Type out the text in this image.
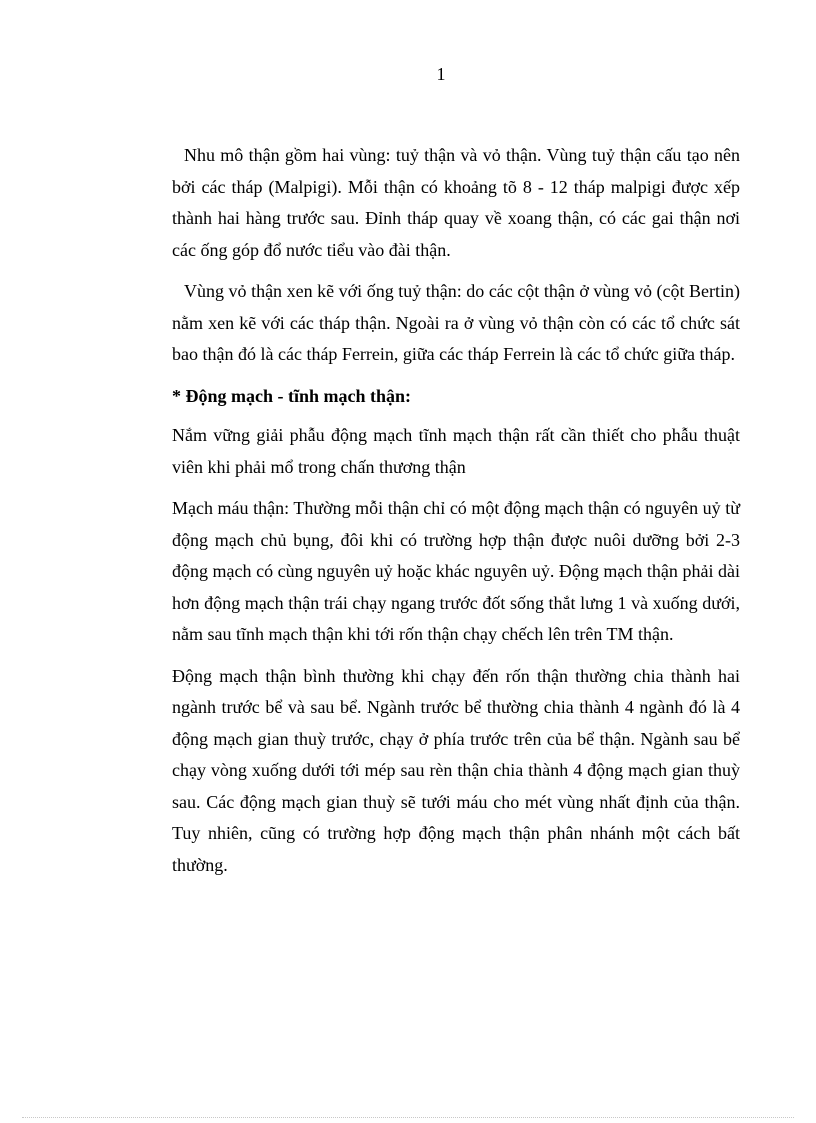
1

Nhu mô thận gồm hai vùng: tuỷ thận và vỏ thận. Vùng tuỷ thận cấu tạo nên bởi các tháp (Malpigi). Mỗi thận có khoảng tõ 8 - 12 tháp malpigi được xếp thành hai hàng trước sau. Đỉnh tháp quay về xoang thận, có các gai thận nơi các ống góp đổ nước tiểu vào đài thận.

Vùng vỏ thận xen kẽ với ống tuỷ thận: do các cột thận ở vùng vỏ (cột Bertin) nằm xen kẽ với các tháp thận. Ngoài ra ở vùng vỏ thận còn có các tổ chức sát bao thận đó là các tháp Ferrein, giữa các tháp Ferrein là các tổ chức giữa tháp.

* Động mạch - tĩnh mạch thận:

Nắm vững giải phẫu động mạch tĩnh mạch thận rất cần thiết cho phẫu thuật viên khi phải mổ trong chấn thương thận

Mạch máu thận: Thường mỗi thận chỉ có một động mạch thận có nguyên uỷ từ động mạch chủ bụng, đôi khi có trường hợp thận được nuôi dưỡng bởi 2-3 động mạch có cùng nguyên uỷ hoặc khác nguyên uỷ. Động mạch thận phải dài hơn động mạch thận trái chạy ngang trước đốt sống thắt lưng 1 và xuống dưới, nằm sau tĩnh mạch thận khi tới rốn thận chạy chếch lên trên TM thận.

Động mạch thận bình thường khi chạy đến rốn thận thường chia thành hai ngành trước bể và sau bể. Ngành trước bể thường chia thành 4 ngành đó là 4 động mạch gian thuỳ trước, chạy ở phía trước trên của bể thận. Ngành sau bể chạy vòng xuống dưới tới mép sau rèn thận chia thành 4 động mạch gian thuỳ sau. Các động mạch gian thuỳ sẽ tưới máu cho mét vùng nhất định của thận. Tuy nhiên, cũng có trường hợp động mạch thận phân nhánh một cách bất thường.
